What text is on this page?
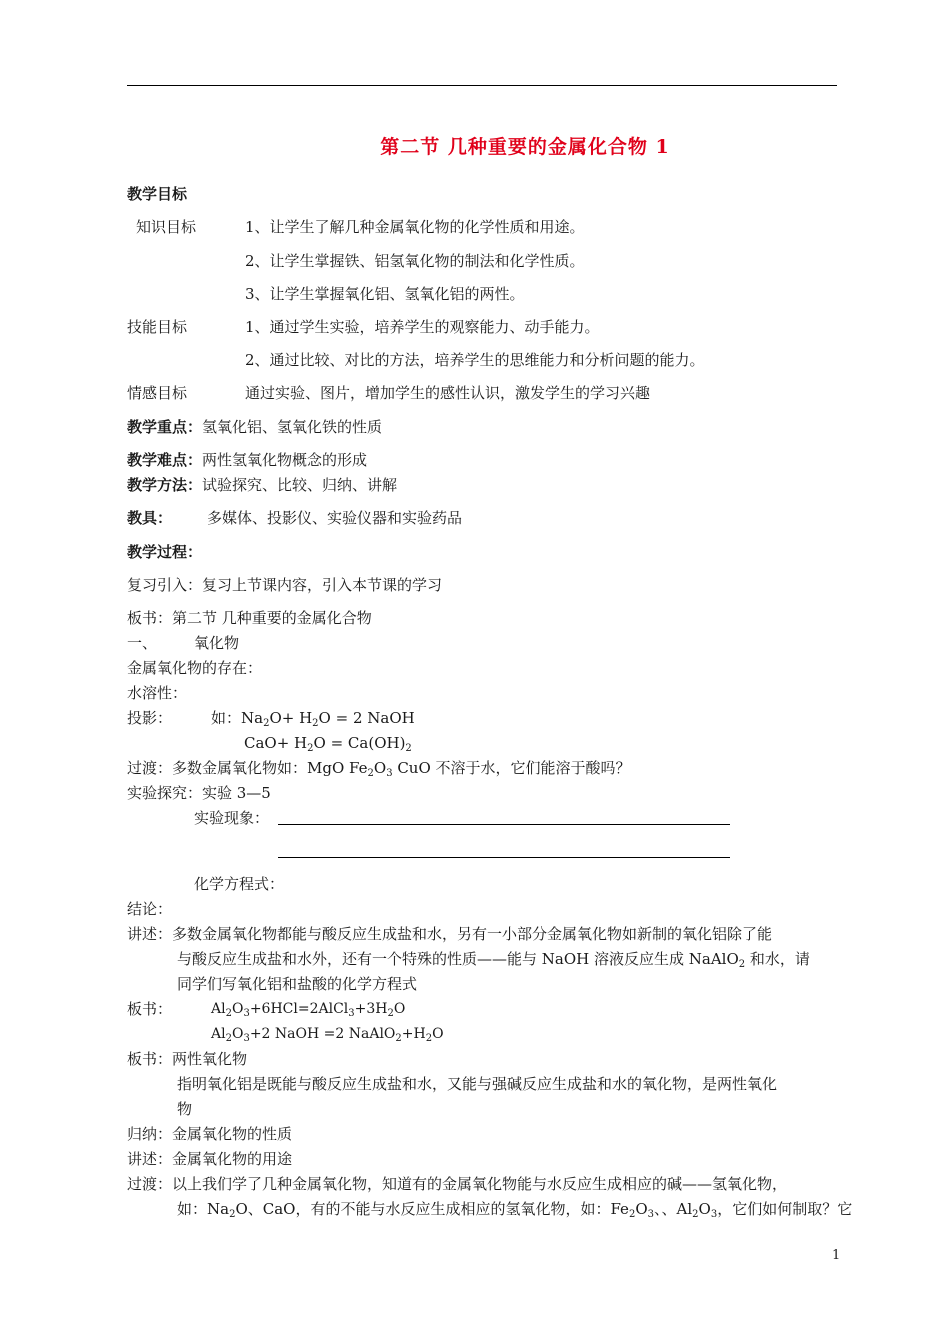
第二节 几种重要的金属化合物 1
教学目标
知识目标	1、让学生了解几种金属氧化物的化学性质和用途。
2、让学生掌握铁、铝氢氧化物的制法和化学性质。
3、让学生掌握氧化铝、氢氧化铝的两性。
技能目标	1、通过学生实验，培养学生的观察能力、动手能力。
2、通过比较、对比的方法，培养学生的思维能力和分析问题的能力。
情感目标	通过实验、图片，增加学生的感性认识，激发学生的学习兴趣
教学重点：氢氧化铝、氢氧化铁的性质
教学难点：两性氢氧化物概念的形成
教学方法：试验探究、比较、归纳、讲解
教具： 多媒体、投影仪、实验仪器和实验药品
教学过程：
复习引入：复习上节课内容，引入本节课的学习
板书：第二节 几种重要的金属化合物
一、 氧化物
金属氧化物的存在：
水溶性：
投影：	如：$Na_2O+ H_2O = 2$ NaOH
$CaO+ H_2O = Ca(OH)_2$
过渡：多数金属氧化物如：MgO $Fe_2O_3$ CuO 不溶于水，它们能溶于酸吗？
实验探究：实验 3—5
实验现象：
化学方程式：
结论：
讲述：多数金属氧化物都能与酸反应生成盐和水，另有一小部分金属氧化物如新制的氧化铝除了能
与酸反应生成盐和水外，还有一个特殊的性质——能与 NaOH 溶液反应生成 NaAlO$_2$ 和水，请
同学们写氧化铝和盐酸的化学方程式
板书：	$Al_2O_3+6HCl=2AlCl_3+3H_2O$
$Al_2O_3+2$ NaOH =2 $NaAlO_2+H_2O$
板书：两性氧化物
指明氧化铝是既能与酸反应生成盐和水，又能与强碱反应生成盐和水的氧化物，是两性氧化
物
归纳：金属氧化物的性质
讲述：金属氧化物的用途
过渡：以上我们学了几种金属氧化物，知道有的金属氧化物能与水反应生成相应的碱——氢氧化物，
如：$Na_2O$、CaO，有的不能与水反应生成相应的氢氧化物，如：$Fe_2O_3$、、$Al_2O_3$，它们如何制取？它
1
